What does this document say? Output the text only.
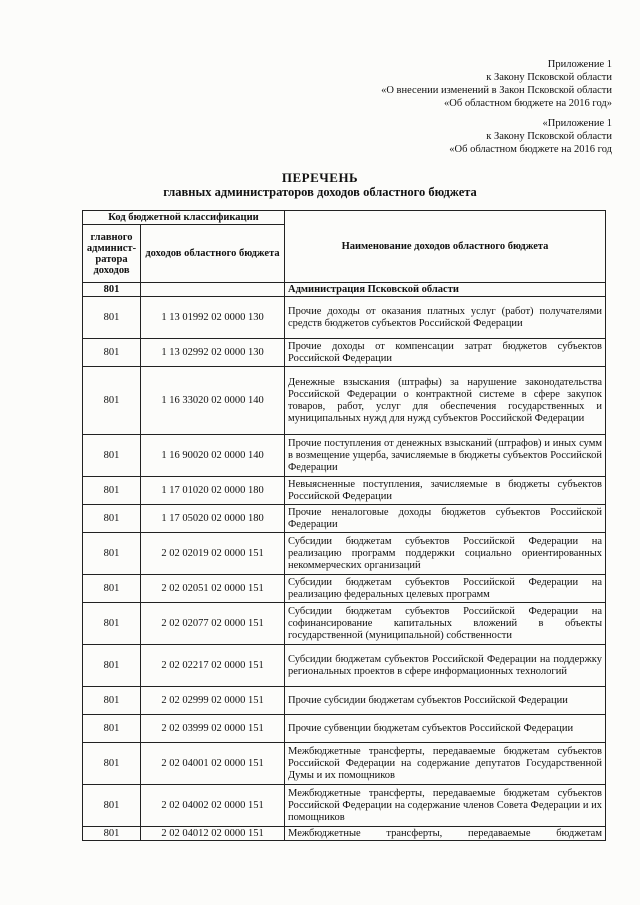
Приложение 1
к Закону Псковской области
«О внесении изменений в Закон Псковской области
«Об областном бюджете на 2016 год»
«Приложение 1
к Закону Псковской области
«Об областном бюджете на 2016 год
ПЕРЕЧЕНЬ
главных администраторов доходов областного бюджета
Код бюджетной классификации		Наименование доходов областного бюджета
главного админист-ратора доходов	доходов областного бюджета	
801		Администрация Псковской области
801	1 13 01992 02 0000 130	Прочие доходы от оказания платных услуг (работ) получателями средств бюджетов субъектов Российской Федерации
801	1 13 02992 02 0000 130	Прочие доходы от компенсации затрат бюджетов субъектов Российской Федерации
801	1 16 33020 02 0000 140	Денежные взыскания (штрафы) за нарушение законодательства Российской Федерации о контрактной системе в сфере закупок товаров, работ, услуг для обеспечения государственных и муниципальных нужд для нужд субъектов Российской Федерации
801	1 16 90020 02 0000 140	Прочие поступления от денежных взысканий (штрафов) и иных сумм в возмещение ущерба, зачисляемые в бюджеты субъектов Российской Федерации
801	1 17 01020 02 0000 180	Невыясненные поступления, зачисляемые в бюджеты субъектов Российской Федерации
801	1 17 05020 02 0000 180	Прочие неналоговые доходы бюджетов субъектов Российской Федерации
801	2 02 02019 02 0000 151	Субсидии бюджетам субъектов Российской Федерации на реализацию программ поддержки социально ориентированных некоммерческих организаций
801	2 02 02051 02 0000 151	Субсидии бюджетам субъектов Российской Федерации на реализацию федеральных целевых программ
801	2 02 02077 02 0000 151	Субсидии бюджетам субъектов Российской Федерации на софинансирование капитальных вложений в объекты государственной (муниципальной) собственности
801	2 02 02217 02 0000 151	Субсидии бюджетам субъектов Российской Федерации на поддержку региональных проектов в сфере информационных технологий
801	2 02 02999 02 0000 151	Прочие субсидии бюджетам субъектов Российской Федерации
801	2 02 03999 02 0000 151	Прочие субвенции бюджетам субъектов Российской Федерации
801	2 02 04001 02 0000 151	Межбюджетные трансферты, передаваемые бюджетам субъектов Российской Федерации на содержание депутатов Государственной Думы и их помощников
801	2 02 04002 02 0000 151	Межбюджетные трансферты, передаваемые бюджетам субъектов Российской Федерации на содержание членов Совета Федерации и их помощников
801	2 02 04012 02 0000 151	Межбюджетные трансферты, передаваемые бюджетам
